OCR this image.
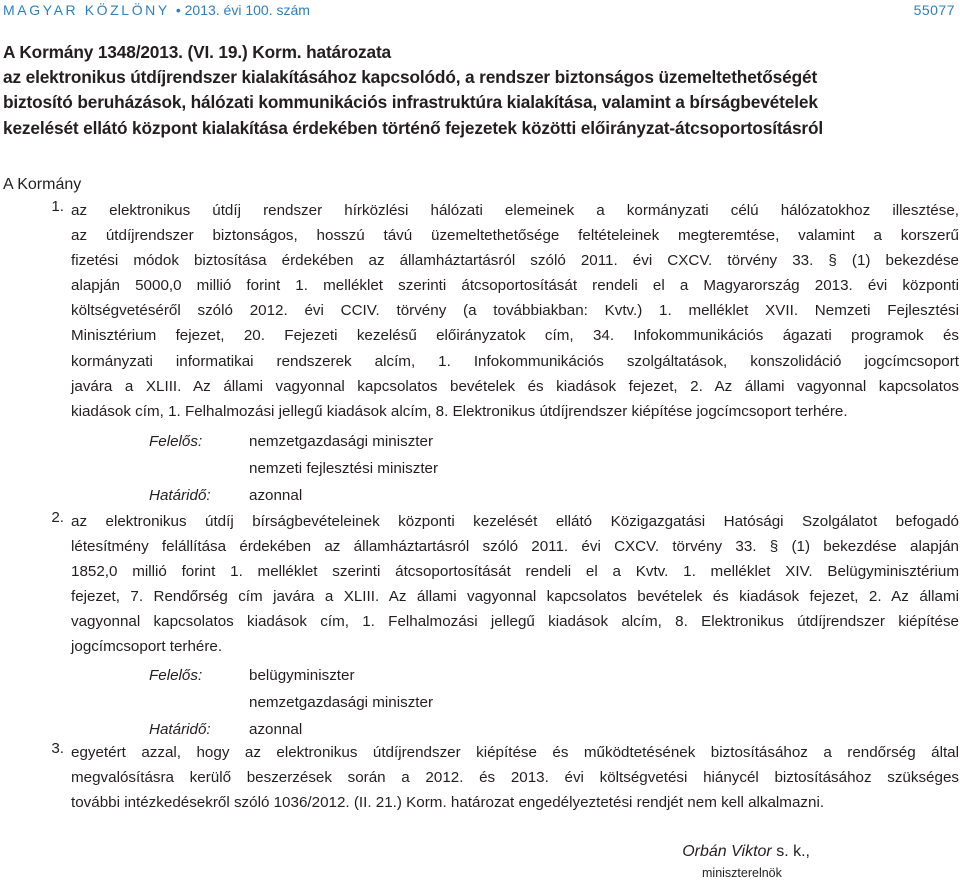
MAGYAR KÖZLÖNY • 2013. évi 100. szám	55077
A Kormány 1348/2013. (VI. 19.) Korm. határozata
az elektronikus útdíjrendszer kialakításához kapcsolódó, a rendszer biztonságos üzemeltethetőségét
biztosító beruházások, hálózati kommunikációs infrastruktúra kialakítása, valamint a bírságbevételek
kezelését ellátó központ kialakítása érdekében történő fejezetek közötti előirányzat-átcsoportosításról
A Kormány
1. az elektronikus útdíj rendszer hírközlési hálózati elemeinek a kormányzati célú hálózatokhoz illesztése,
az útdíjrendszer biztonságos, hosszú távú üzemeltethetősége feltételeinek megteremtése, valamint a korszerű
fizetési módok biztosítása érdekében az államháztartásról szóló 2011. évi CXCV. törvény 33. § (1) bekezdése
alapján 5000,0 millió forint 1. melléklet szerinti átcsoportosítását rendeli el a Magyarország 2013. évi központi
költségvetéséről szóló 2012. évi CCIV. törvény (a továbbiakban: Kvtv.) 1. melléklet XVII. Nemzeti Fejlesztési
Minisztérium fejezet, 20. Fejezeti kezelésű előirányzatok cím, 34. Infokommunikációs ágazati programok és
kormányzati informatikai rendszerek alcím, 1. Infokommunikációs szolgáltatások, konszolidáció jogcímcsoport
javára a XLIII. Az állami vagyonnal kapcsolatos bevételek és kiadások fejezet, 2. Az állami vagyonnal kapcsolatos
kiadások cím, 1. Felhalmozási jellegű kiadások alcím, 8. Elektronikus útdíjrendszer kiépítése jogcímcsoport terhére.
Felelős:	nemzetgazdasági miniszter
nemzeti fejlesztési miniszter
Határidő:	azonnal
2. az elektronikus útdíj bírságbevételeinek központi kezelését ellátó Közigazgatási Hatósági Szolgálatot befogadó
létesítmény felállítása érdekében az államháztartásról szóló 2011. évi CXCV. törvény 33. § (1) bekezdése alapján
1852,0 millió forint 1. melléklet szerinti átcsoportosítását rendeli el a Kvtv. 1. melléklet XIV. Belügyminisztérium
fejezet, 7. Rendőrség cím javára a XLIII. Az állami vagyonnal kapcsolatos bevételek és kiadások fejezet, 2. Az állami
vagyonnal kapcsolatos kiadások cím, 1. Felhalmozási jellegű kiadások alcím, 8. Elektronikus útdíjrendszer kiépítése
jogcímcsoport terhére.
Felelős:	belügyminiszter
nemzetgazdasági miniszter
Határidő:	azonnal
3. egyetért azzal, hogy az elektronikus útdíjrendszer kiépítése és működtetésének biztosításához a rendőrség által
megvalósításra kerülő beszerzések során a 2012. és 2013. évi költségvetési hiánycél biztosításához szükséges
további intézkedésekről szóló 1036/2012. (II. 21.) Korm. határozat engedélyeztetési rendjét nem kell alkalmazni.
Orbán Viktor s. k.,
miniszterelnök
